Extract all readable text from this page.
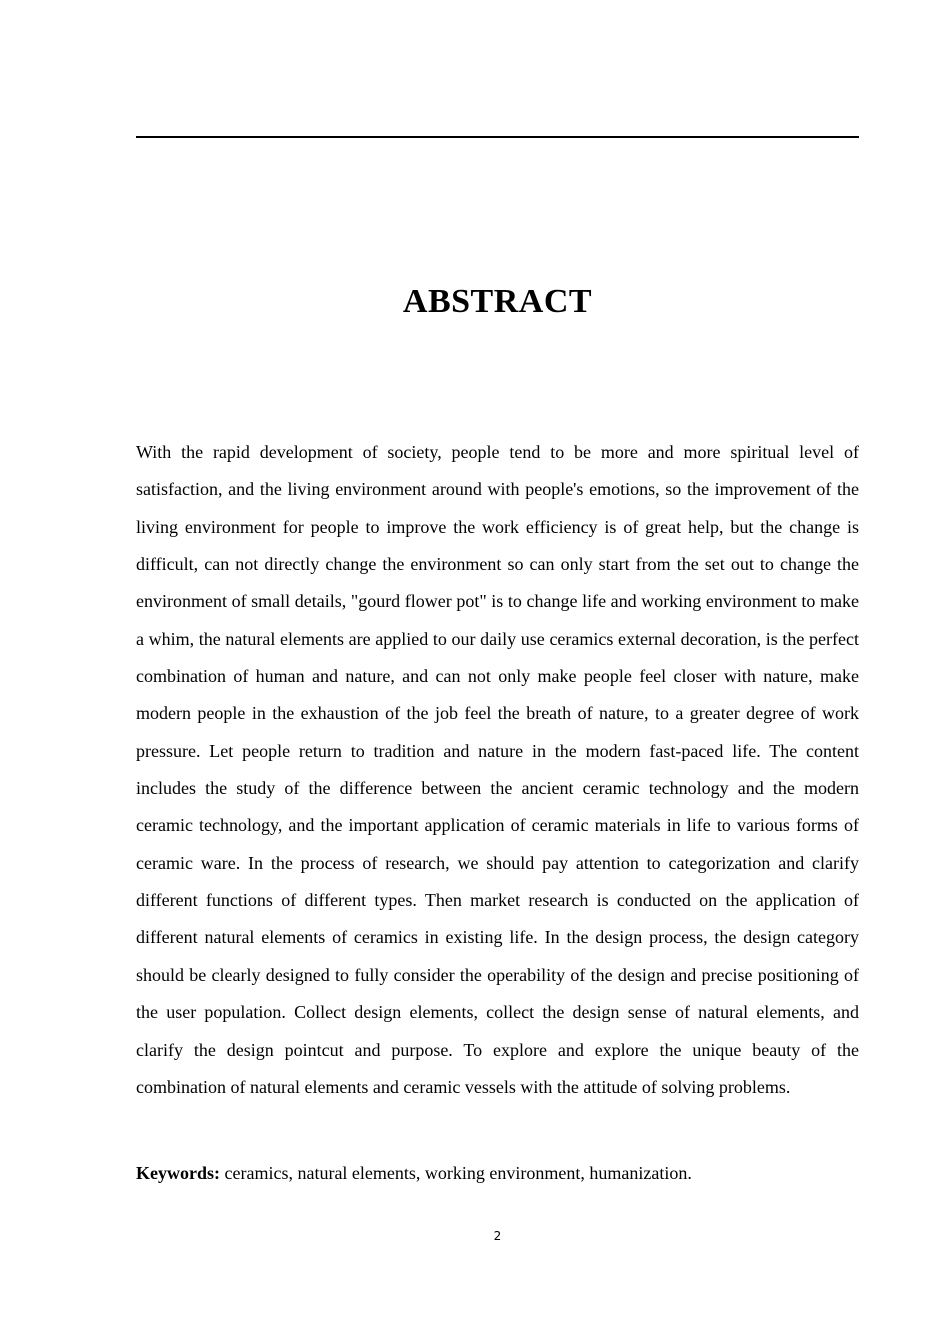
ABSTRACT

With the rapid development of society, people tend to be more and more spiritual level of satisfaction, and the living environment around with people's emotions, so the improvement of the living environment for people to improve the work efficiency is of great help, but the change is difficult, can not directly change the environment so can only start from the set out to change the environment of small details, "gourd flower pot" is to change life and working environment to make a whim, the natural elements are applied to our daily use ceramics external decoration, is the perfect combination of human and nature, and can not only make people feel closer with nature, make modern people in the exhaustion of the job feel the breath of nature, to a greater degree of work pressure. Let people return to tradition and nature in the modern fast-paced life. The content includes the study of the difference between the ancient ceramic technology and the modern ceramic technology, and the important application of ceramic materials in life to various forms of ceramic ware. In the process of research, we should pay attention to categorization and clarify different functions of different types. Then market research is conducted on the application of different natural elements of ceramics in existing life. In the design process, the design category should be clearly designed to fully consider the operability of the design and precise positioning of the user population. Collect design elements, collect the design sense of natural elements, and clarify the design pointcut and purpose. To explore and explore the unique beauty of the combination of natural elements and ceramic vessels with the attitude of solving problems.

Keywords: ceramics, natural elements, working environment, humanization.

2
